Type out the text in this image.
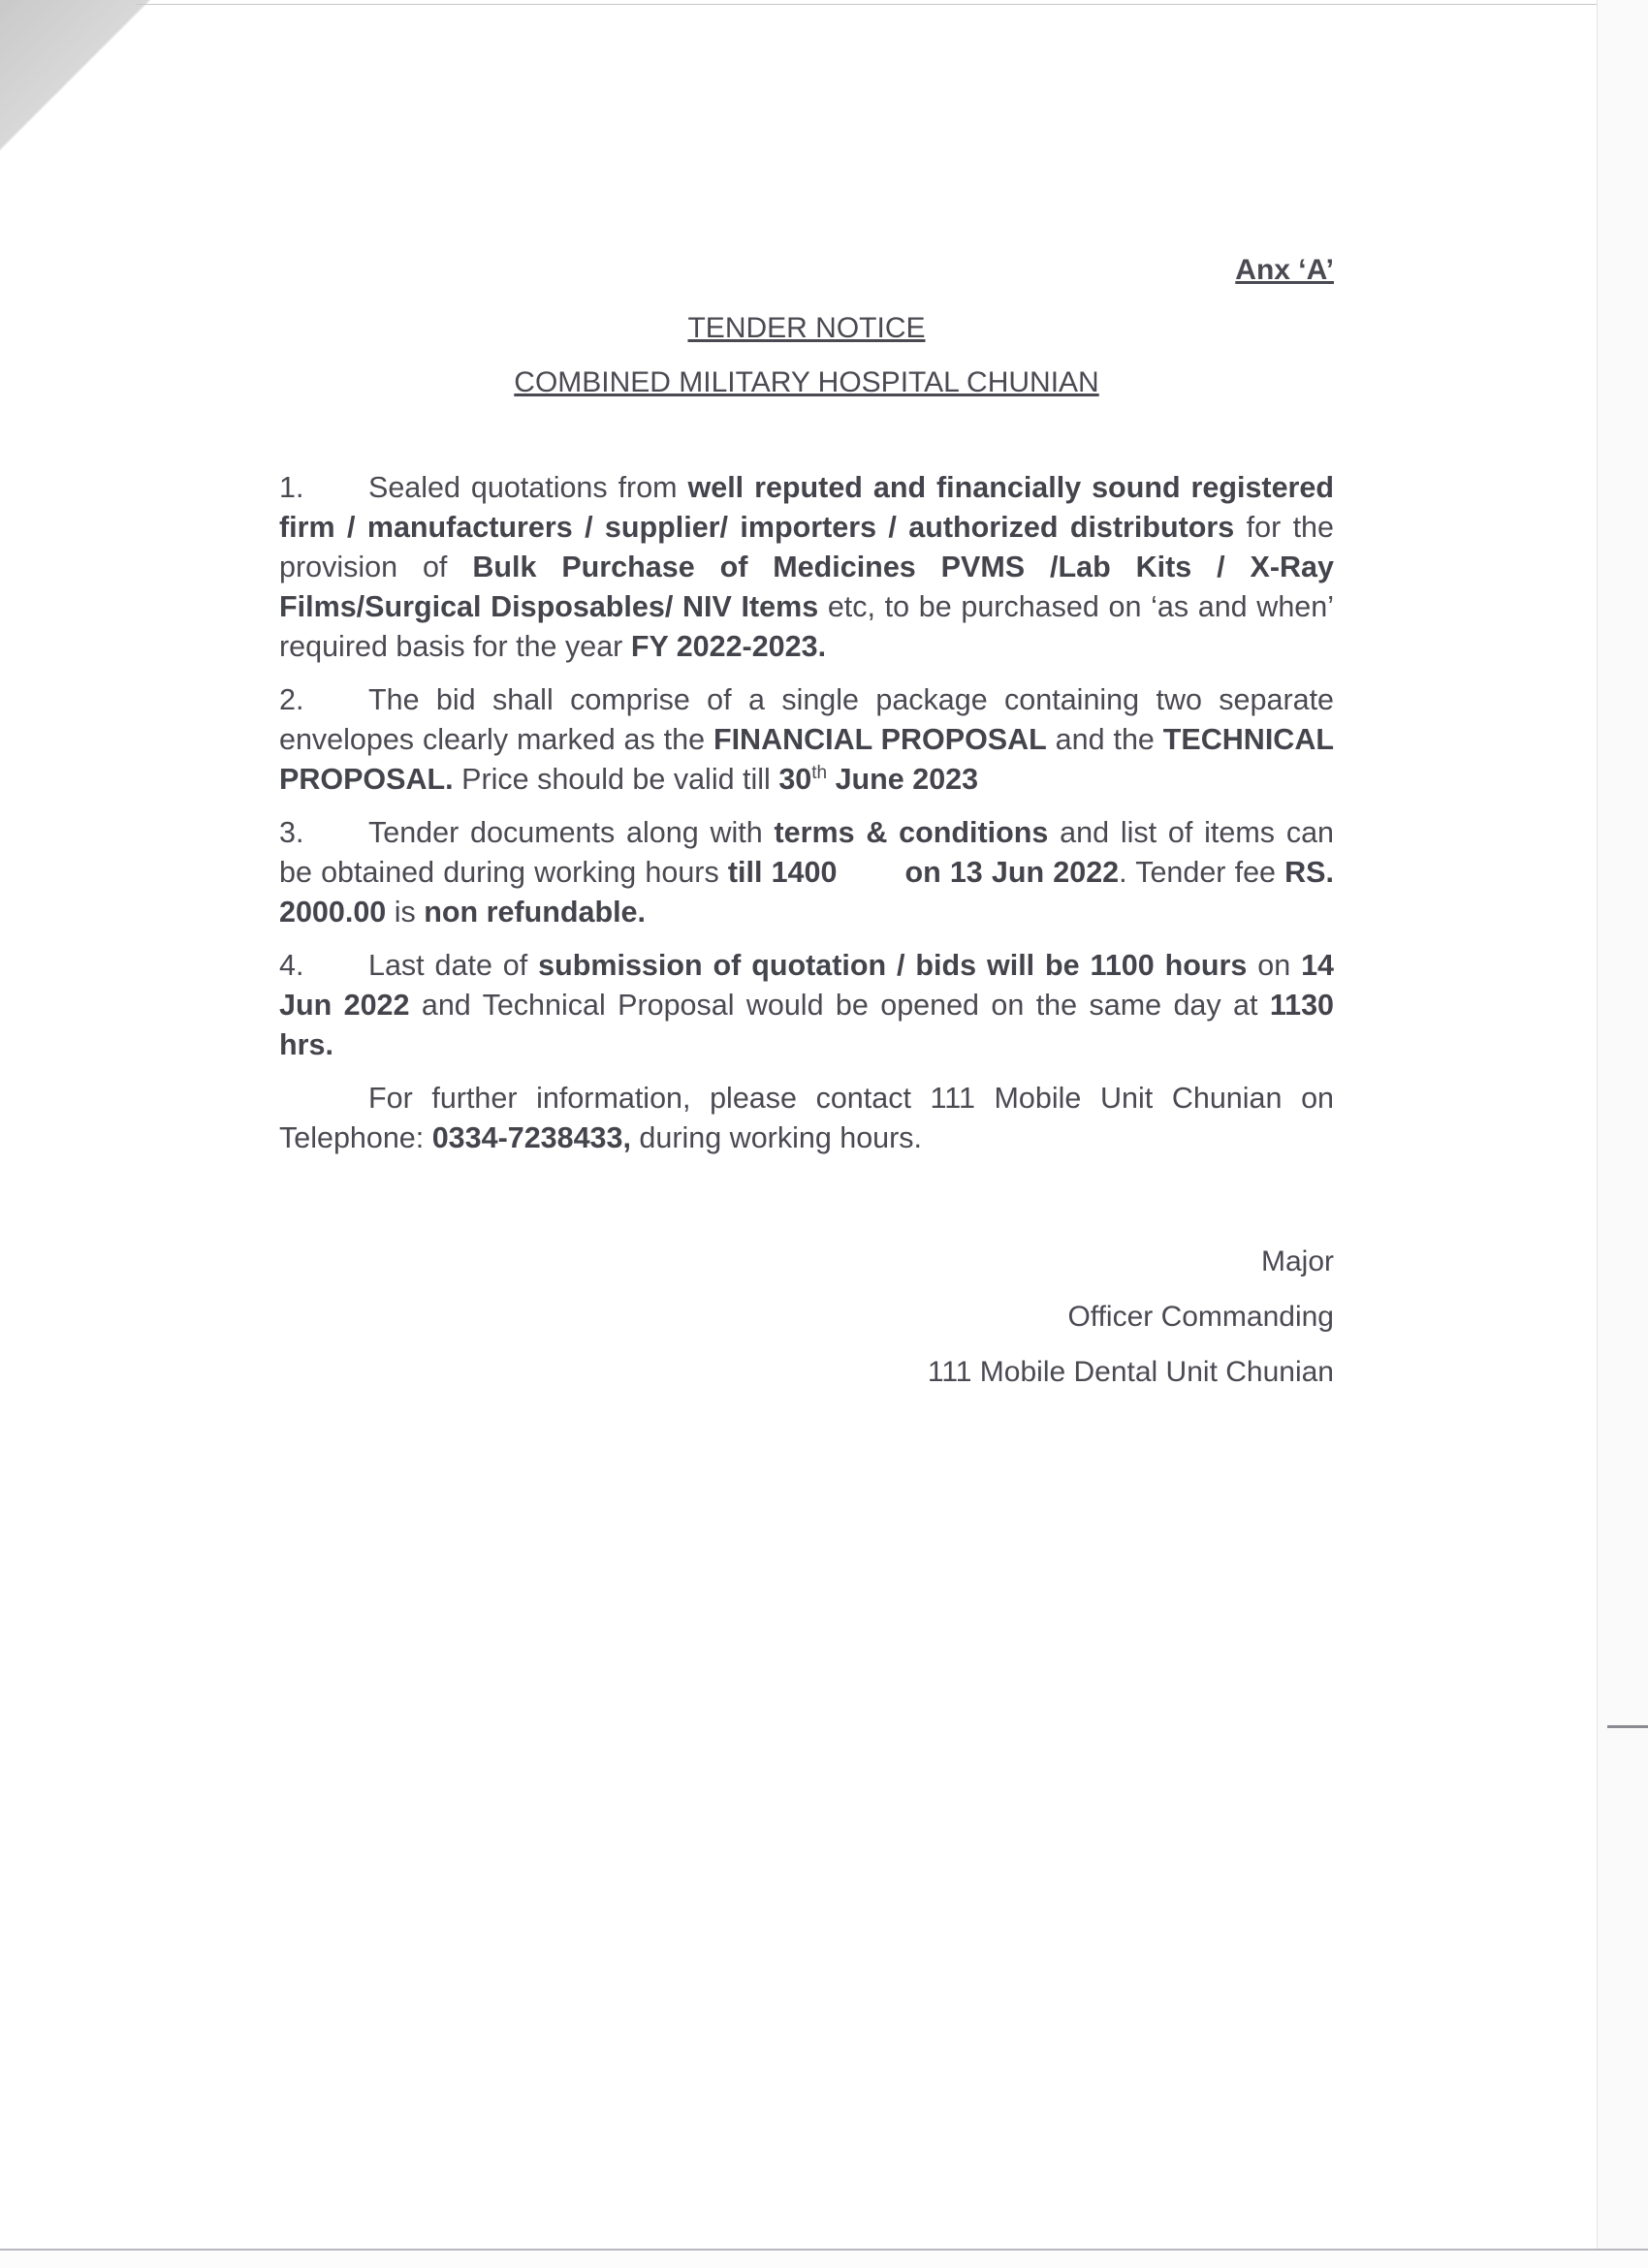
Anx ‘A’
TENDER NOTICE
COMBINED MILITARY HOSPITAL CHUNIAN

1. Sealed quotations from well reputed and financially sound registered firm / manufacturers / supplier/ importers / authorized distributors for the provision of Bulk Purchase of Medicines PVMS /Lab Kits / X-Ray Films/Surgical Disposables/ NIV Items etc, to be purchased on ‘as and when’ required basis for the year FY 2022-2023.

2. The bid shall comprise of a single package containing two separate envelopes clearly marked as the FINANCIAL PROPOSAL and the TECHNICAL PROPOSAL. Price should be valid till 30th June 2023

3. Tender documents along with terms & conditions and list of items can be obtained during working hours till 1400 on 13 Jun 2022. Tender fee RS. 2000.00 is non refundable.

4. Last date of submission of quotation / bids will be 1100 hours on 14 Jun 2022 and Technical Proposal would be opened on the same day at 1130 hrs.

For further information, please contact 111 Mobile Unit Chunian on Telephone: 0334-7238433, during working hours.

Major
Officer Commanding
111 Mobile Dental Unit Chunian
